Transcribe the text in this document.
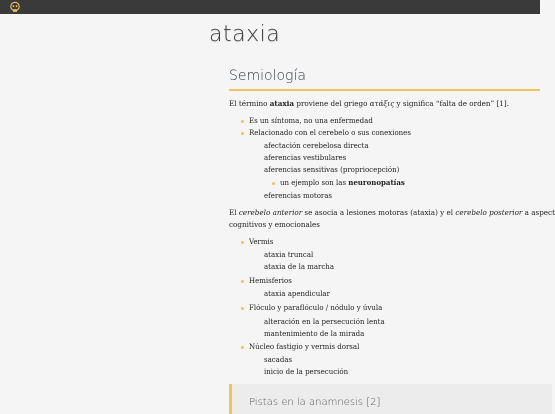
ataxia
Semiología

El término ataxia proviene del griego ατάξις y significa “falta de orden” [1].

Es un síntoma, no una enfermedad
Relacionado con el cerebelo o sus conexiones
afectación cerebelosa directa
aferencias vestibulares
aferencias sensitivas (propriocepción)
un ejemplo son las neuronopatías
eferencias motoras

El cerebelo anterior se asocia a lesiones motoras (ataxia) y el cerebelo posterior a aspect

cognitivos y emocionales

Vermis
ataxia truncal
ataxia de la marcha
Hemisferios
ataxia apendicular
Flóculo y paraflóculo / nódulo y úvula
alteración en la persecución lenta
mantenimiento de la mirada
Núcleo fastigio y vermis dorsal
sacadas
inicio de la persecución
Pistas en la anamnesis [2]
